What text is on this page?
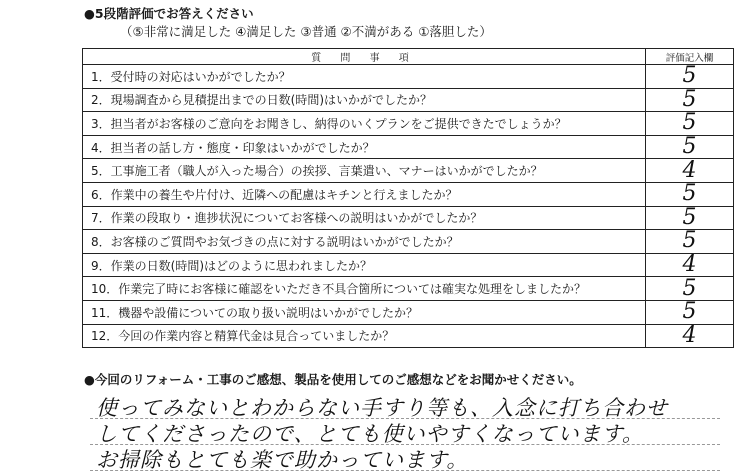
●5段階評価でお答えください
（⑤非常に満足した ④満足した ③普通 ②不満がある ①落胆した）
質 問 事 項	評価記入欄
1．受付時の対応はいかがでしたか？	5
2．現場調査から見積提出までの日数(時間)はいかがでしたか？	5
3．担当者がお客様のご意向をお聞きし、納得のいくプランをご提供できたでしょうか？	5
4．担当者の話し方・態度・印象はいかがでしたか？	5
5．工事施工者（職人が入った場合）の挨拶、言葉遣い、マナーはいかがでしたか？	4
6．作業中の養生や片付け、近隣への配慮はキチンと行えましたか？	5
7．作業の段取り・進捗状況についてお客様への説明はいかがでしたか？	5
8．お客様のご質問やお気づきの点に対する説明はいかがでしたか？	5
9．作業の日数(時間)はどのように思われましたか？	4
10．作業完了時にお客様に確認をいただき不具合箇所については確実な処理をしましたか？	5
11．機器や設備についての取り扱い説明はいかがでしたか？	5
12．今回の作業内容と精算代金は見合っていましたか？	4
●今回のリフォーム・工事のご感想、製品を使用してのご感想などをお聞かせください。
使ってみないとわからない手すり等も、入念に打ち合わせ
してくださったので、とても使いやすくなっています。
お掃除もとても楽で助かっています。
